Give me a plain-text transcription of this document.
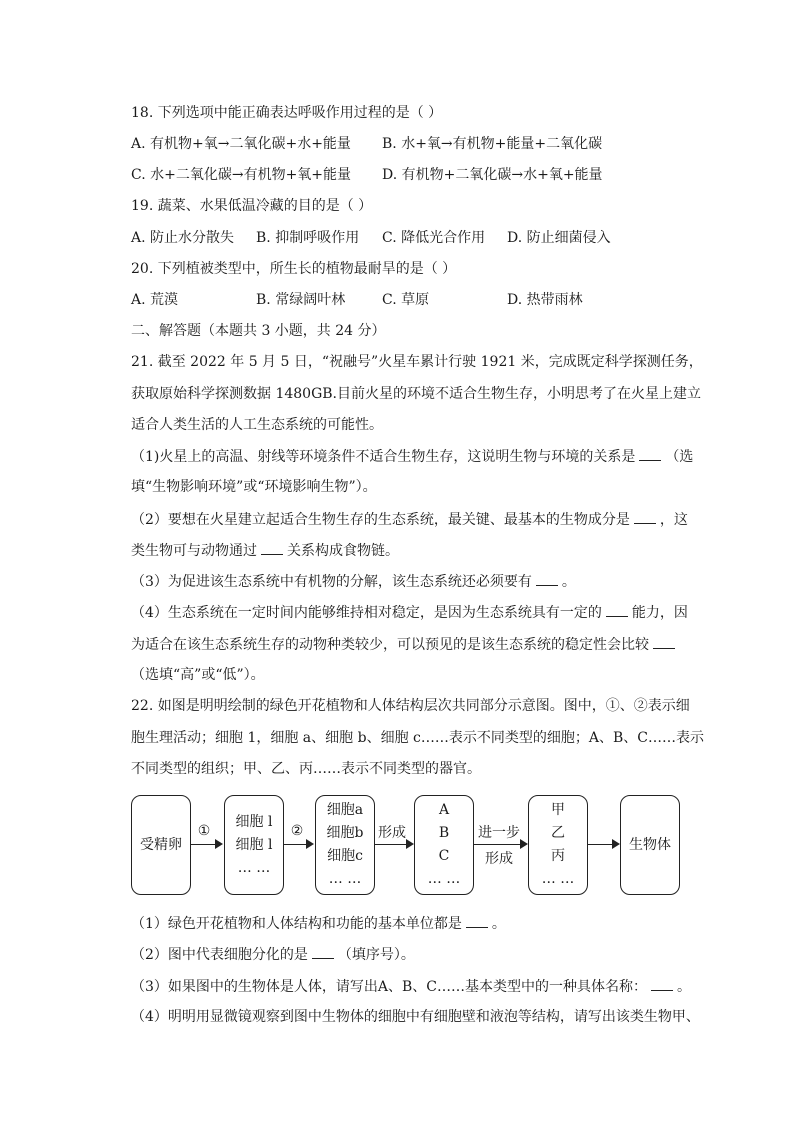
18. 下列选项中能正确表达呼吸作用过程的是（ ）
A. 有机物+氧→二氧化碳+水+能量 B. 水+氧→有机物+能量+二氧化碳
C. 水+二氧化碳→有机物+氧+能量 D. 有机物+二氧化碳→水+氧+能量
19. 蔬菜、水果低温冷藏的目的是（ ）
A. 防止水分散失 B. 抑制呼吸作用 C. 降低光合作用 D. 防止细菌侵入
20. 下列植被类型中，所生长的植物最耐旱的是（ ）
A. 荒漠	B. 常绿阔叶林	C. 草原	D. 热带雨林
二、解答题（本题共 3 小题，共 24 分）
21. 截至 2022 年 5 月 5 日，“祝融号”火星车累计行驶 1921 米，完成既定科学探测任务，
获取原始科学探测数据 1480GB.目前火星的环境不适合生物生存，小明思考了在火星上建立
适合人类生活的人工生态系统的可能性。
（1)火星上的高温、射线等环境条件不适合生物生存，这说明生物与环境的关系是 （选
填“生物影响环境”或“环境影响生物”）。
（2）要想在火星建立起适合生物生存的生态系统，最关键、最基本的生物成分是 ，这
类生物可与动物通过 关系构成食物链。
（3）为促进该生态系统中有机物的分解，该生态系统还必须要有 。
（4）生态系统在一定时间内能够维持相对稳定，是因为生态系统具有一定的 能力，因
为适合在该生态系统生存的动物种类较少，可以预见的是该生态系统的稳定性会比较
（选填“高”或“低”）。
22. 如图是明明绘制的绿色开花植物和人体结构层次共同部分示意图。图中，①、②表示细
胞生理活动；细胞 1，细胞 a、细胞 b、细胞 c……表示不同类型的细胞；A、B、C……表示
不同类型的组织；甲、乙、丙……表示不同类型的器官。
受精卵
①
细胞 l
细胞 l
… …
②
细胞a
细胞b
细胞c
… …
形成
A
B
C
… …
进一步
形成
甲
乙
丙
… …
生物体
（1）绿色开花植物和人体结构和功能的基本单位都是 。
（2）图中代表细胞分化的是 （填序号）。
（3）如果图中的生物体是人体，请写出A、B、C……基本类型中的一种具体名称： 。
（4）明明用显微镜观察到图中生物体的细胞中有细胞壁和液泡等结构，请写出该类生物甲、
